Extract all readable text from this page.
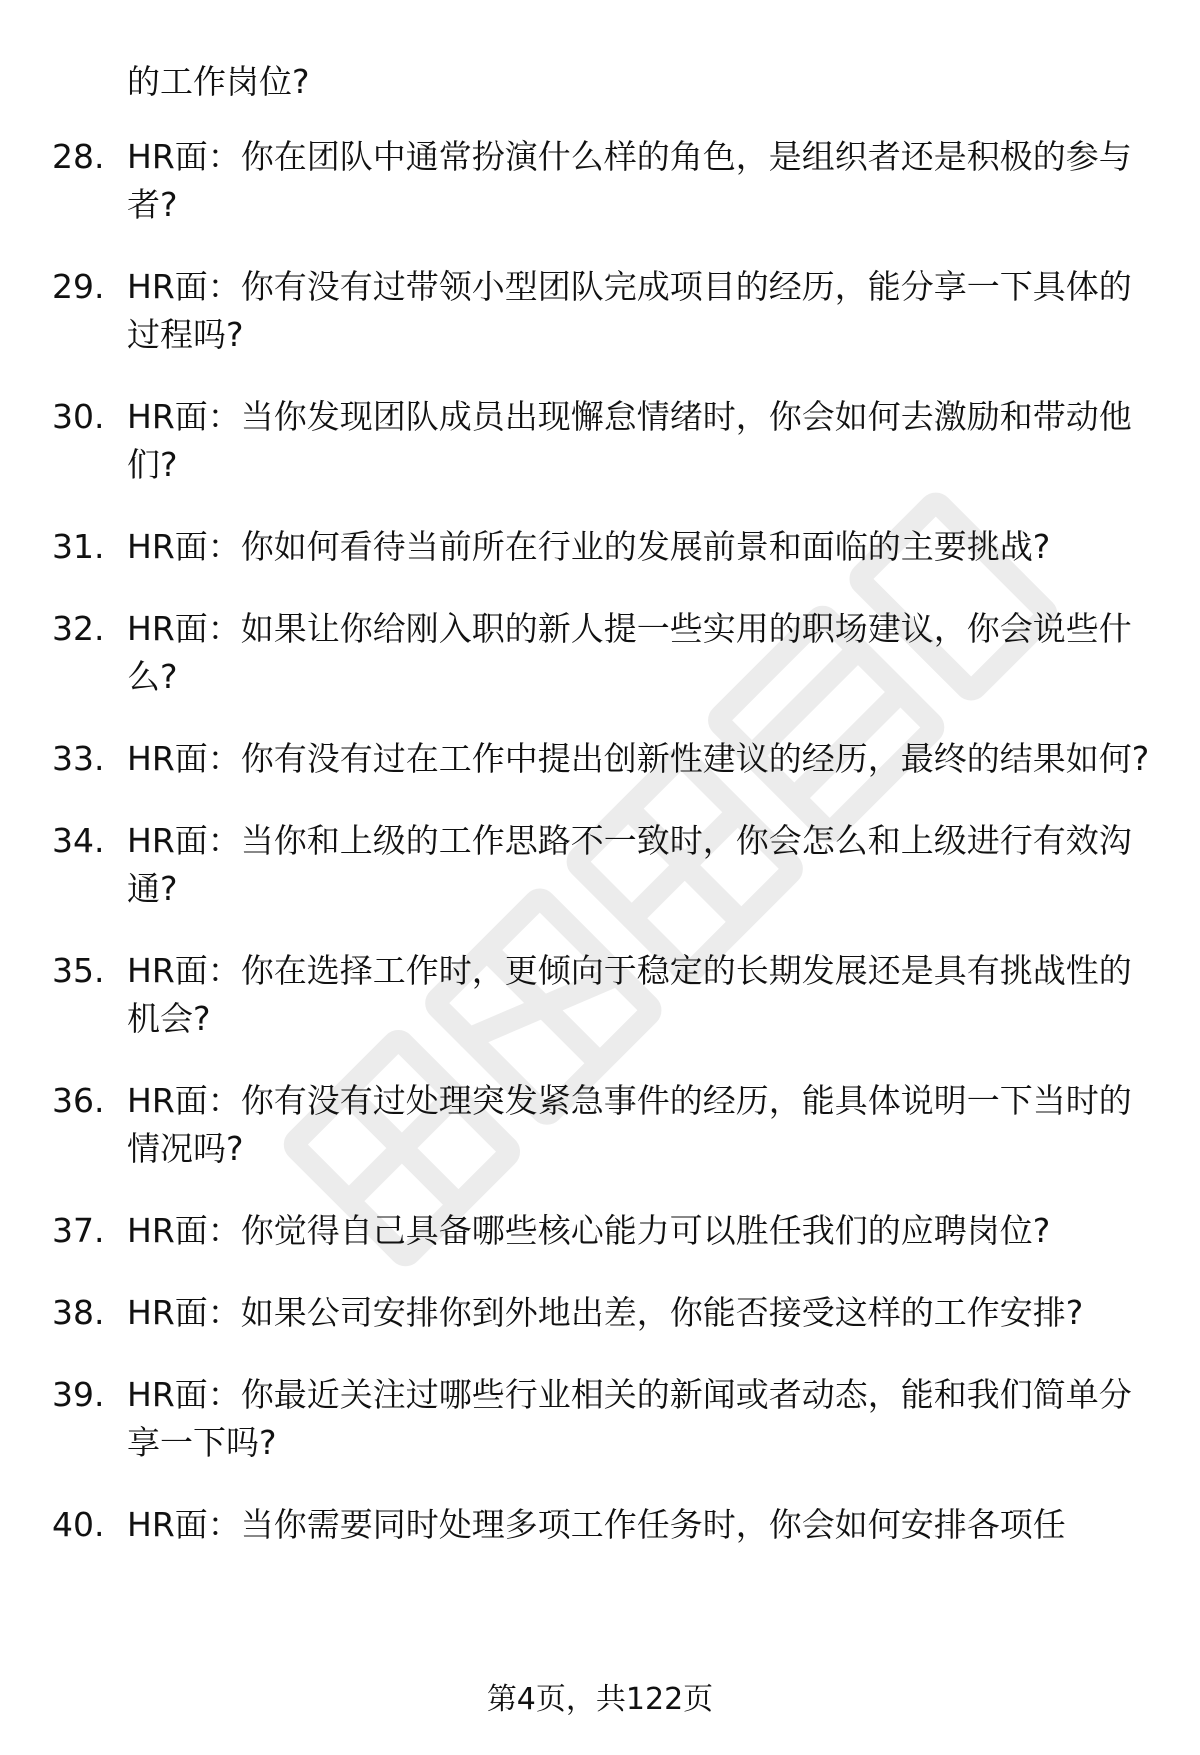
的工作岗位?
28. HR面：你在团队中通常扮演什么样的角色，是组织者还是积极的参与者?
29. HR面：你有没有过带领小型团队完成项目的经历，能分享一下具体的过程吗?
30. HR面：当你发现团队成员出现懈怠情绪时，你会如何去激励和带动他们?
31. HR面：你如何看待当前所在行业的发展前景和面临的主要挑战?
32. HR面：如果让你给刚入职的新人提一些实用的职场建议，你会说些什么?
33. HR面：你有没有过在工作中提出创新性建议的经历，最终的结果如何?
34. HR面：当你和上级的工作思路不一致时，你会怎么和上级进行有效沟通?
35. HR面：你在选择工作时，更倾向于稳定的长期发展还是具有挑战性的机会?
36. HR面：你有没有过处理突发紧急事件的经历，能具体说明一下当时的情况吗?
37. HR面：你觉得自己具备哪些核心能力可以胜任我们的应聘岗位?
38. HR面：如果公司安排你到外地出差，你能否接受这样的工作安排?
39. HR面：你最近关注过哪些行业相关的新闻或者动态，能和我们简单分享一下吗?
40. HR面：当你需要同时处理多项工作任务时，你会如何安排各项任
第4页，共122页
